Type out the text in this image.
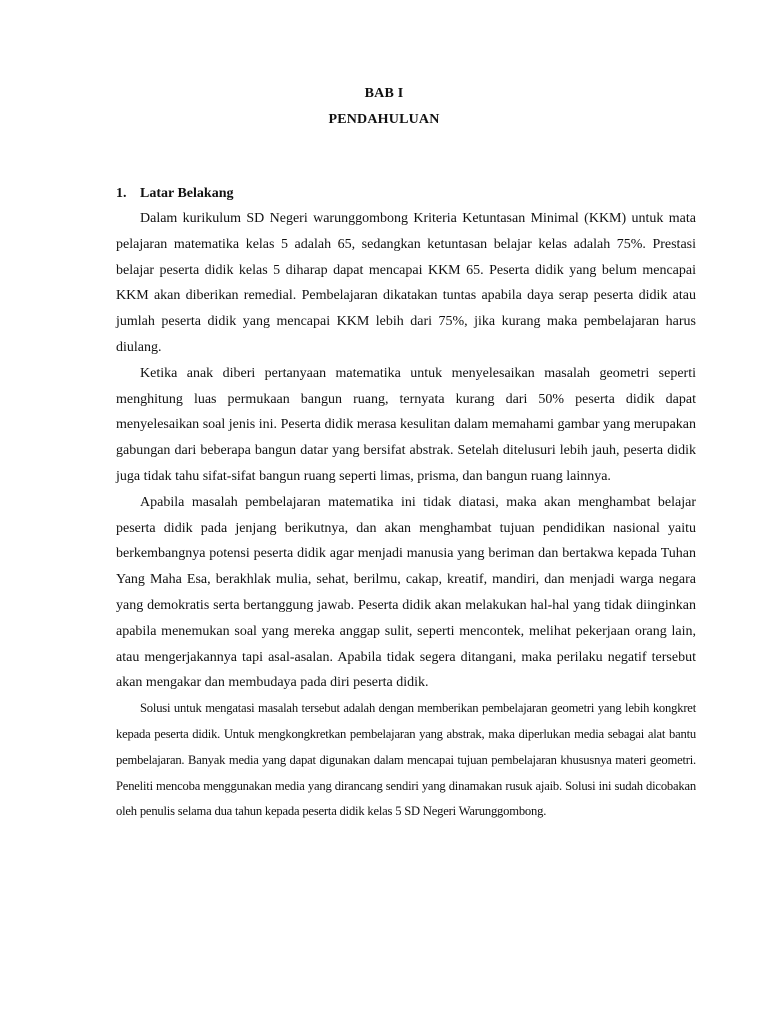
BAB I
PENDAHULUAN
1. Latar Belakang

Dalam kurikulum SD Negeri warunggombong Kriteria Ketuntasan Minimal (KKM) untuk mata pelajaran matematika kelas 5 adalah 65, sedangkan ketuntasan belajar kelas adalah 75%. Prestasi belajar peserta didik kelas 5 diharap dapat mencapai KKM 65. Peserta didik yang belum mencapai KKM akan diberikan remedial. Pembelajaran dikatakan tuntas apabila daya serap peserta didik atau jumlah peserta didik yang mencapai KKM lebih dari 75%, jika kurang maka pembelajaran harus diulang.

Ketika anak diberi pertanyaan matematika untuk menyelesaikan masalah geometri seperti menghitung luas permukaan bangun ruang, ternyata kurang dari 50% peserta didik dapat menyelesaikan soal jenis ini. Peserta didik merasa kesulitan dalam memahami gambar yang merupakan gabungan dari beberapa bangun datar yang bersifat abstrak. Setelah ditelusuri lebih jauh, peserta didik juga tidak tahu sifat-sifat bangun ruang seperti limas, prisma, dan bangun ruang lainnya.

Apabila masalah pembelajaran matematika ini tidak diatasi, maka akan menghambat belajar peserta didik pada jenjang berikutnya, dan akan menghambat tujuan pendidikan nasional yaitu berkembangnya potensi peserta didik agar menjadi manusia yang beriman dan bertakwa kepada Tuhan Yang Maha Esa, berakhlak mulia, sehat, berilmu, cakap, kreatif, mandiri, dan menjadi warga negara yang demokratis serta bertanggung jawab. Peserta didik akan melakukan hal-hal yang tidak diinginkan apabila menemukan soal yang mereka anggap sulit, seperti mencontek, melihat pekerjaan orang lain, atau mengerjakannya tapi asal-asalan. Apabila tidak segera ditangani, maka perilaku negatif tersebut akan mengakar dan membudaya pada diri peserta didik.

Solusi untuk mengatasi masalah tersebut adalah dengan memberikan pembelajaran geometri yang lebih kongkret kepada peserta didik. Untuk mengkongkretkan pembelajaran yang abstrak, maka diperlukan media sebagai alat bantu pembelajaran. Banyak media yang dapat digunakan dalam mencapai tujuan pembelajaran khususnya materi geometri. Peneliti mencoba menggunakan media yang dirancang sendiri yang dinamakan rusuk ajaib. Solusi ini sudah dicobakan oleh penulis selama dua tahun kepada peserta didik kelas 5 SD Negeri Warunggombong.
